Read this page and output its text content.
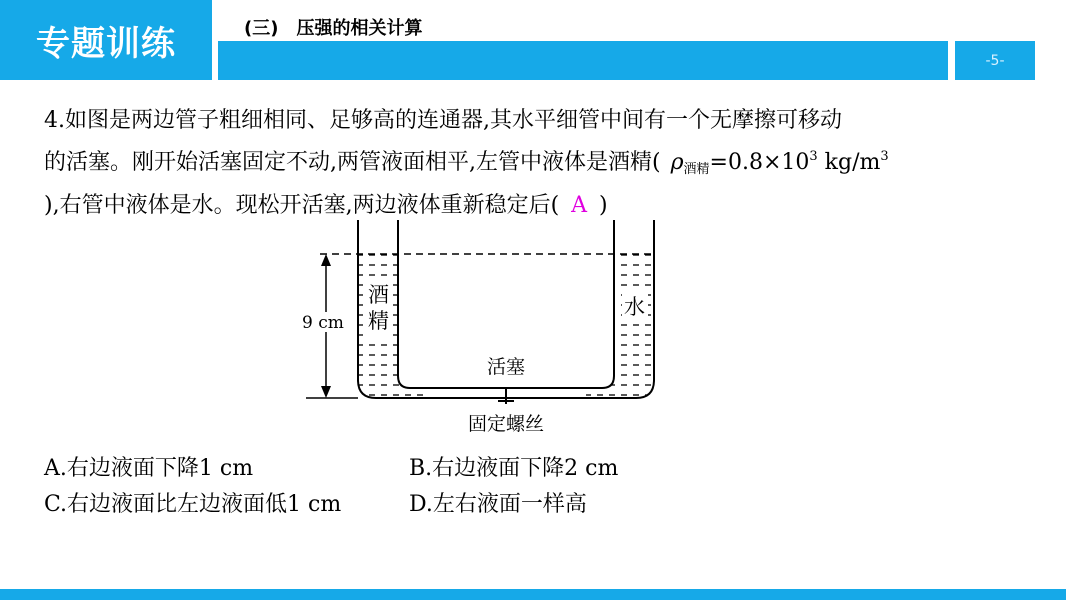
专题训练	(三) 压强的相关计算
-5-
4.如图是两边管子粗细相同、足够高的连通器,其水平细管中间有一个无摩擦可移动
的活塞。刚开始活塞固定不动,两管液面相平,左管中液体是酒精( $\rho_{酒精}=0.8\times 10^3$ $kg/m^3$
),右管中液体是水。现松开活塞,两边液体重新稳定后( A )
9 cm
酒
精
水
活塞
固定螺丝
A.右边液面下降1 cm	B.右边液面下降2 cm
C.右边液面比左边液面低1 cm	D.左右液面一样高
